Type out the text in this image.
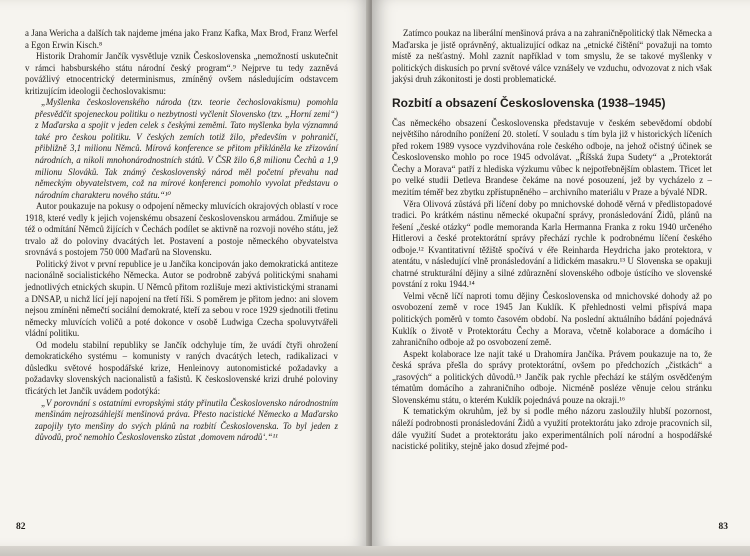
a Jana Wericha a dalších tak najdeme jména jako Franz Kafka, Max Brod, Franz Werfel a Egon Erwin Kisch.⁸

Historik Drahomír Jančík vysvětluje vznik Československa „nemožností uskutečnit v rámci habsburského státu národní český program“.⁹ Nejprve tu tedy zazněvá povážlivý etnocentrický determinismus, zmíněný ovšem následujícím odstavcem kritizujícím ideologii čechoslovakismu:

„Myšlenka československého národa (tzv. teorie čechoslovakismu) pomohla přesvědčit spojeneckou politiku o nezbytnosti vyčlenit Slovensko (tzv. „Horní zemi“) z Maďarska a spojit v jeden celek s českými zeměmi. Tato myšlenka byla významná také pro českou politiku. V českých zemích totiž žilo, především v pohraničí, přibližně 3,1 milionu Němců. Mírová konference se přitom přikláněla ke zřizování národních, a nikoli mnohonárodnostních států. V ČSR žilo 6,8 milionu Čechů a 1,9 milionu Slováků. Tak známý československý národ měl početní převahu nad německým obyvatelstvem, což na mírové konferenci pomohlo vyvolat představu o národním charakteru nového státu.“¹⁰

Autor poukazuje na pokusy o odpojení německy mluvících okrajových oblastí v roce 1918, které vedly k jejich vojenskému obsazení československou armádou. Zmiňuje se též o odmítání Němců žijících v Čechách podílet se aktivně na rozvoji nového státu, jež trvalo až do poloviny dvacátých let. Postavení a postoje německého obyvatelstva srovnává s postojem 750 000 Maďarů na Slovensku.

Politický život v první republice je u Jančíka koncipován jako demokratická antiteze nacionálně socialistického Německa. Autor se podrobně zabývá politickými snahami jednotlivých etnických skupin. U Němců přitom rozlišuje mezi aktivistickými stranami a DNSAP, u nichž lící její napojení na třetí říši. S poměrem je přitom jedno: ani slovem nejsou zmíněni němečtí sociální demokraté, kteří za sebou v roce 1929 sjednotili třetinu německy mluvících voličů a poté dokonce v osobě Ludwiga Czecha spoluvytvářeli vládní politiku.

Od modelu stabilní republiky se Jančík odchyluje tím, že uvádí čtyři ohrožení demokratického systému – komunisty v raných dvacátých letech, radikalizaci v důsledku světové hospodářské krize, Henleinovy autonomistické požadavky a požadavky slovenských nacionalistů a fašistů. K československé krizi druhé poloviny třicátých let Jančík uvádem podotýká:

„V porovnání s ostatními evropskými státy přinutila Československo národnostním menšinám nejrozsáhlejší menšinová práva. Přesto nacistické Německo a Maďarsko zapojily tyto menšiny do svých plánů na rozbití Československa. To byl jeden z důvodů, proč nemohlo Československo zůstat ‚domovem národů‘.“¹¹

82

Zatímco poukaz na liberální menšinová práva a na zahraničněpolitický tlak Německa a Maďarska je jistě oprávněný, aktualizující odkaz na „etnické čištění“ považuji na tomto místě za nešťastný. Mohl zaznít například v tom smyslu, že se takové myšlenky v politických diskusích po první světové válce vznášely ve vzduchu, odvozovat z nich však jakýsi druh zákonitosti je dosti problematické.

Rozbití a obsazení Československa (1938–1945)

Čas německého obsazení Československa představuje v českém sebevědomí období největšího národního ponížení 20. století. V souladu s tím byla již v historických líčeních před rokem 1989 vysoce vyzdvihována role českého odboje, na jehož očistný účinek se Československo mohlo po roce 1945 odvolávat. „Říšská župa Sudety“ a „Protektorát Čechy a Morava“ patří z hlediska výzkumu vůbec k nejpotřebnějším oblastem. Třicet let po velké studii Detleva Brandese čekáme na nové posouzení, jež by vycházelo z – mezitím téměř bez zbytku zpřístupněného – archivního materiálu v Praze a bývalé NDR.

Věra Olivová zůstává při líčení doby po mnichovské dohodě věrná v předlistopadové tradici. Po krátkém nástinu německé okupační správy, pronásledování Židů, plánů na řešení „české otázky“ podle memoranda Karla Hermanna Franka z roku 1940 určeného Hitlerovi a české protektorátní správy přechází rychle k podrobnému líčení českého odboje.¹² Kvantitativní těžiště spočívá v éře Reinharda Heydricha jako protektora, v atentátu, v následující vlně pronásledování a lidickém masakru.¹³ U Slovenska se opakuji chatrné strukturální dějiny a silné zdůraznění slovenského odboje ústícího ve slovenské povstání z roku 1944.¹⁴

Velmi věcně líčí naproti tomu dějiny Československa od mnichovské dohody až po osvobození země v roce 1945 Jan Kuklík. K přehlednosti velmi přispívá mapa politických poměrů v tomto časovém období. Na poslední aktuálního bádání pojednává Kuklík o životě v Protektorátu Čechy a Morava, včetně kolaborace a domácího i zahraničního odboje až po osvobození země.

Aspekt kolaborace lze najít také u Drahomíra Jančíka. Právem poukazuje na to, že česká správa přešla do správy protektorátní, ovšem po předchozích „čistkách“ a „rasových“ a politických důvodů.¹⁵ Jančík pak rychle přechází ke stálým osvědčeným tématům domácího a zahraničního odboje. Nicméně posléze věnuje celou stránku Slovenskému státu, o kterém Kuklík pojednává pouze na okraji.¹⁶

K tematickým okruhům, jež by si podle mého názoru zasloužily hlubší pozornost, náleží podrobnosti pronásledování Židů a využití protektorátu jako zdroje pracovních sil, dále využití Sudet a protektorátu jako experimentálních polí národní a hospodářské nacistické politiky, stejně jako dosud zřejmé pod-

83
